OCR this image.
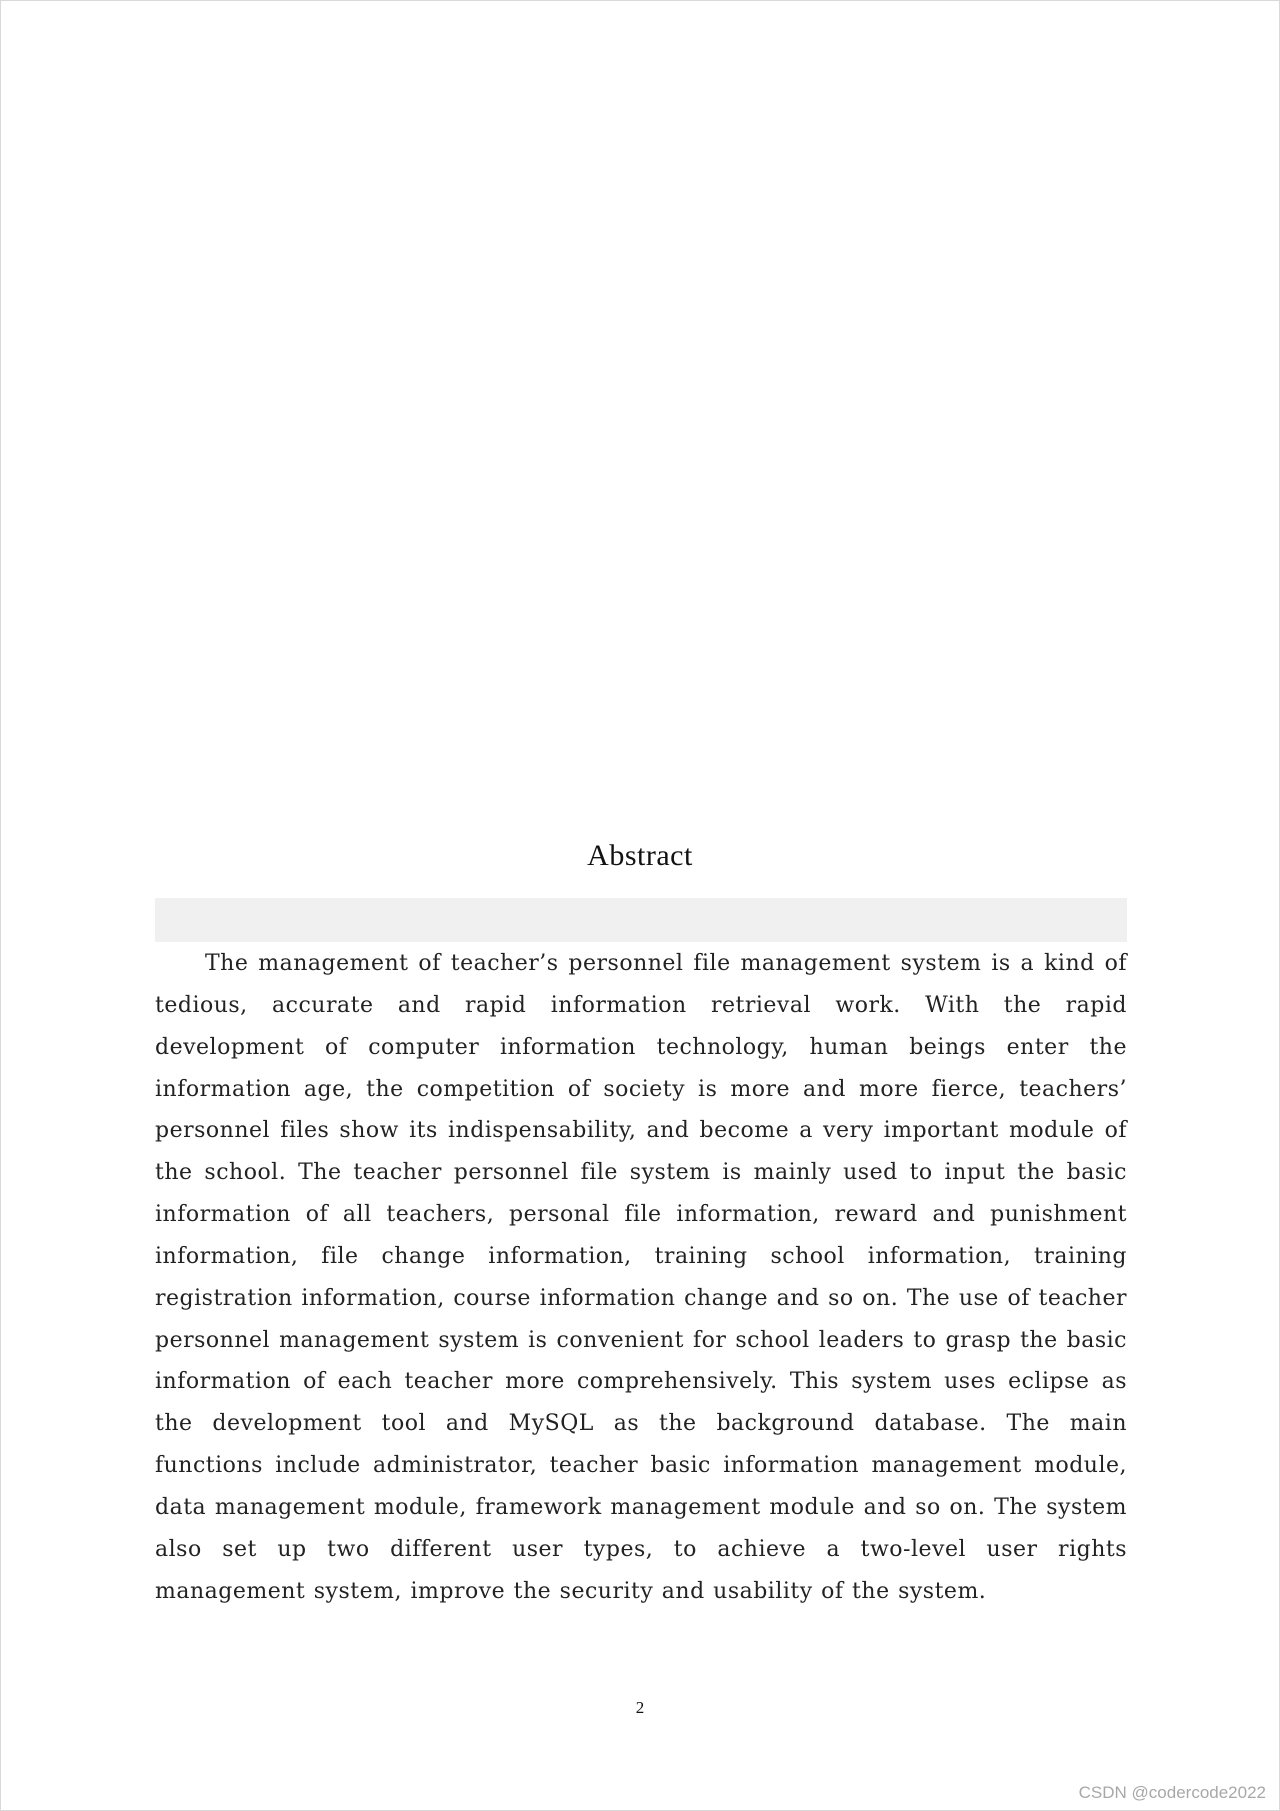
Abstract
The management of teacher’s personnel file management system is a kind of tedious, accurate and rapid information retrieval work. With the rapid development of computer information technology, human beings enter the information age, the competition of society is more and more fierce, teachers’ personnel files show its indispensability, and become a very important module of the school. The teacher personnel file system is mainly used to input the basic information of all teachers, personal file information, reward and punishment information, file change information, training school information, training registration information, course information change and so on. The use of teacher personnel management system is convenient for school leaders to grasp the basic information of each teacher more comprehensively. This system uses eclipse as the development tool and MySQL as the background database. The main functions include administrator, teacher basic information management module, data management module, framework management module and so on. The system also set up two different user types, to achieve a two-level user rights management system, improve the security and usability of the system.
2
CSDN @codercode2022
